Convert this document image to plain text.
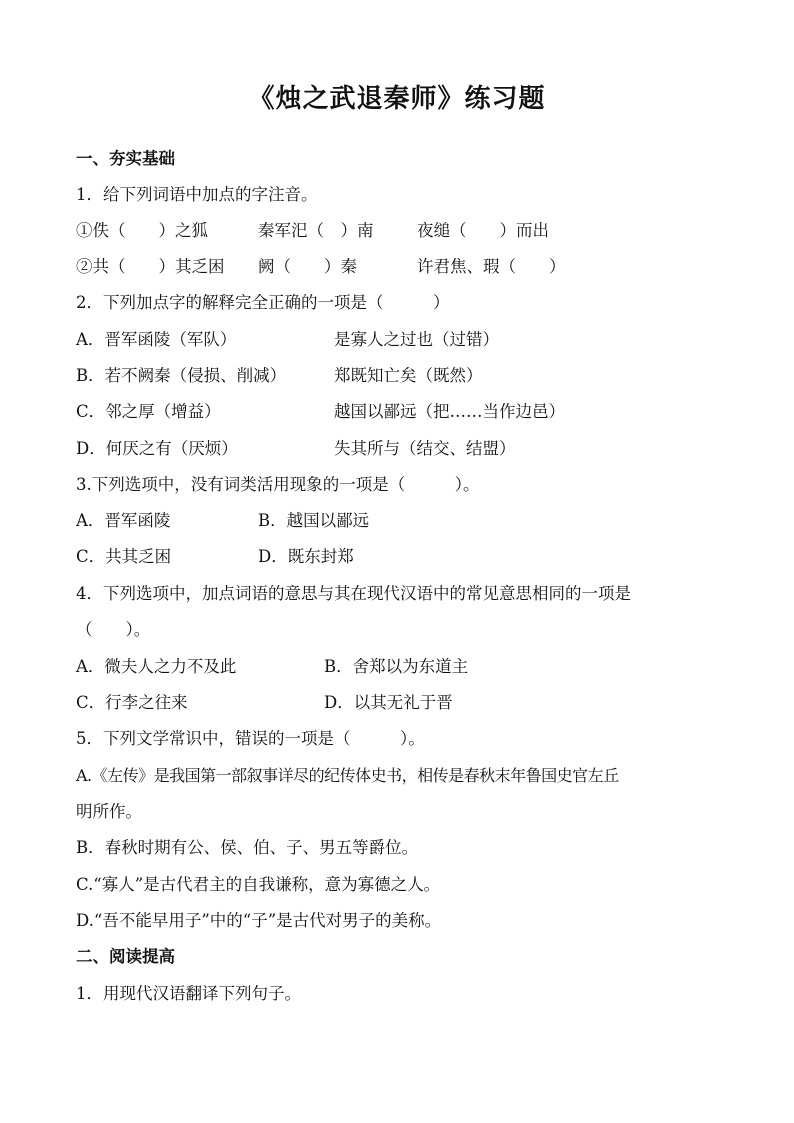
《烛之武退秦师》练习题
一、夯实基础
1．给下列词语中加点的字注音。
①佚（　　）之狐	秦军汜（　）南	夜缒（　　）而出
②共（　　）其乏困 阙（　　）秦	许君焦、瑕（　　）
2．下列加点字的解释完全正确的一项是（　　　）
A．晋军函陵（军队）	是寡人之过也（过错）
B．若不阙秦（侵损、削减）	郑既知亡矣（既然）
C．邻之厚（增益）	越国以鄙远（把……当作边邑）
D．何厌之有（厌烦）	失其所与（结交、结盟）
3.下列选项中，没有词类活用现象的一项是（　　　）。
A．晋军函陵	B．越国以鄙远
C．共其乏困	D．既东封郑
4．下列选项中，加点词语的意思与其在现代汉语中的常见意思相同的一项是
（　　）。
A．微夫人之力不及此	B．舍郑以为东道主
C．行李之往来	D．以其无礼于晋
5．下列文学常识中，错误的一项是（　　　）。
A.《左传》是我国第一部叙事详尽的纪传体史书，相传是春秋末年鲁国史官左丘
明所作。
B．春秋时期有公、侯、伯、子、男五等爵位。
C.“寡人”是古代君主的自我谦称，意为寡德之人。
D.“吾不能早用子”中的“子”是古代对男子的美称。
二、阅读提高
1．用现代汉语翻译下列句子。
